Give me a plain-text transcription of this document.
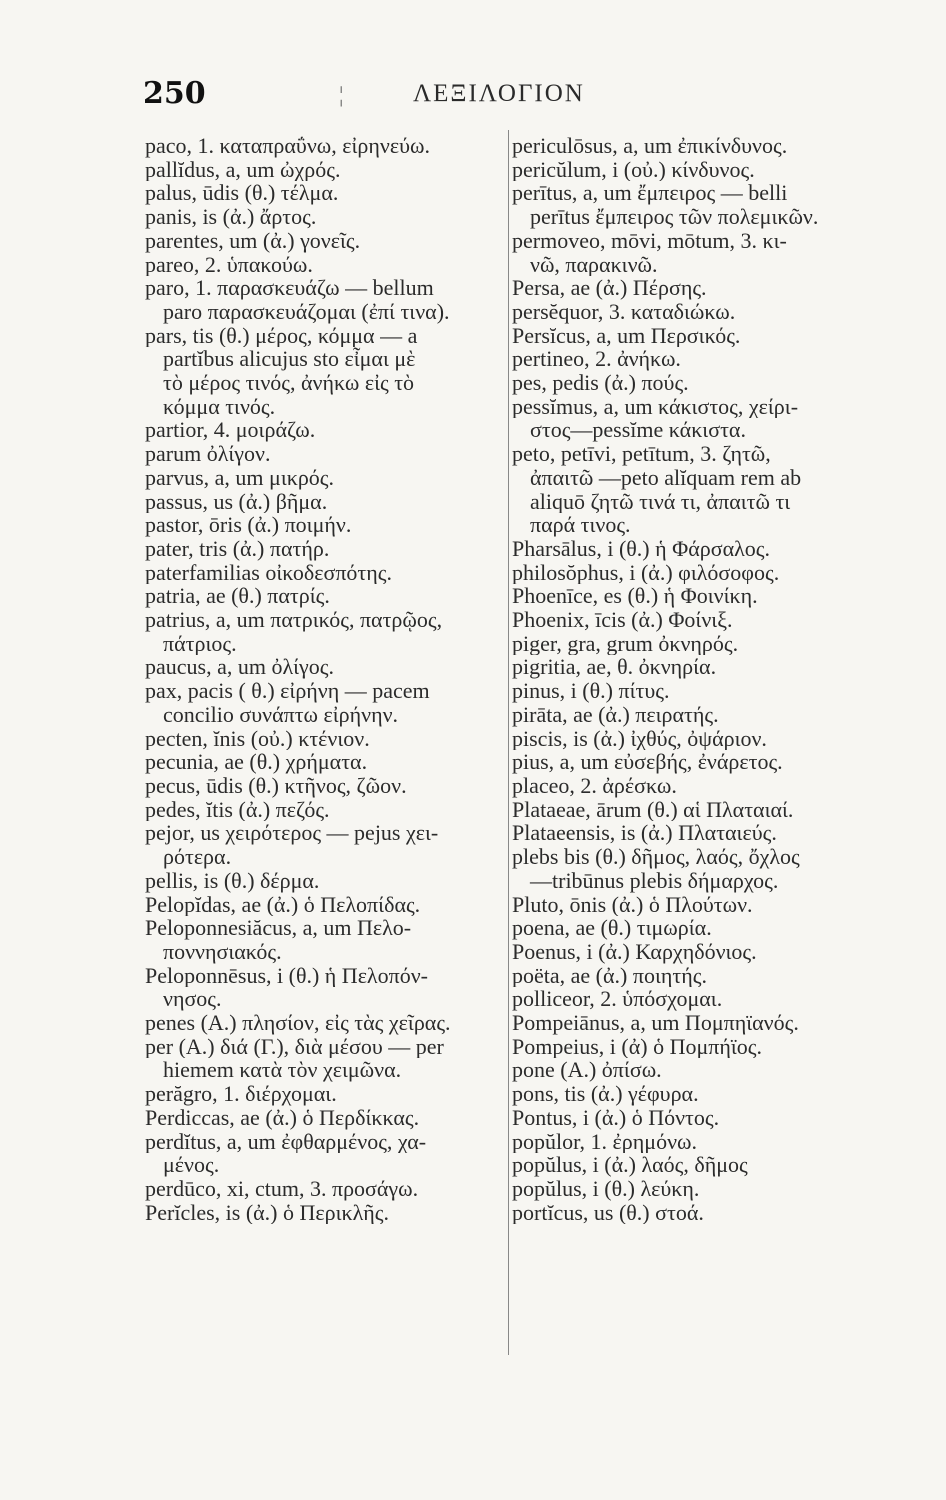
250	¦	ΛΕΞΙΛΟΓΙΟΝ
paco, 1. καταπραΰνω, εἰρηνεύω.
pallĭdus, a, um ὠχρός.
palus, ūdis (θ.) τέλμα.
panis, is (ἀ.) ἄρτος.
parentes, um (ἀ.) γονεῖς.
pareo, 2. ὑπακούω.
paro, 1. παρασκευάζω — bellum
paro παρασκευάζομαι (ἐπί τινα).
pars, tis (θ.) μέρος, κόμμα — a
partĭbus alicujus sto εἶμαι μὲ
τὸ μέρος τινός, ἀνήκω εἰς τὸ
κόμμα τινός.
partior, 4. μοιράζω.
parum ὀλίγον.
parvus, a, um μικρός.
passus, us (ἀ.) βῆμα.
pastor, ōris (ἀ.) ποιμήν.
pater, tris (ἀ.) πατήρ.
paterfamilias οἰκοδεσπότης.
patria, ae (θ.) πατρίς.
patrius, a, um πατρικός, πατρῷος,
πάτριος.
paucus, a, um ὀλίγος.
pax, pacis ( θ.) εἰρήνη — pacem
concilio συνάπτω εἰρήνην.
pecten, ĭnis (οὐ.) κτένιον.
pecunia, ae (θ.) χρήματα.
pecus, ūdis (θ.) κτῆνος, ζῶον.
pedes, ĭtis (ἀ.) πεζός.
pejor, us χειρότερος — pejus χει-
ρότερα.
pellis, is (θ.) δέρμα.
Pelopĭdas, ae (ἀ.) ὁ Πελοπίδας.
Peloponnesiăcus, a, um Πελο-
ποννησιακός.
Peloponnēsus, i (θ.) ἡ Πελοπόν-
νησος.
penes (A.) πλησίον, εἰς τὰς χεῖρας.
per (A.) διά (Γ.), διὰ μέσου — per
hiemem κατὰ τὸν χειμῶνα.
perăgro, 1. διέρχομαι.
Perdiccas, ae (ἀ.) ὁ Περδίκκας.
perdĭtus, a, um ἐφθαρμένος, χα-
μένος.
perdūco, xi, ctum, 3. προσάγω.
Perĭcles, is (ἀ.) ὁ Περικλῆς.
periculōsus, a, um ἐπικίνδυνος.
pericŭlum, i (οὐ.) κίνδυνος.
perītus, a, um ἔμπειρος — belli
perītus ἔμπειρος τῶν πολεμικῶν.
permoveo, mōvi, mōtum, 3. κι-
νῶ, παρακινῶ.
Persa, ae (ἀ.) Πέρσης.
persĕquor, 3. καταδιώκω.
Persĭcus, a, um Περσικός.
pertineo, 2. ἀνήκω.
pes, pedis (ἀ.) πούς.
pessĭmus, a, um κάκιστος, χείρι-
στος—pessĭme κάκιστα.
peto, petīvi, petītum, 3. ζητῶ,
ἀπαιτῶ —peto alĭquam rem ab
aliquō ζητῶ τινά τι, ἀπαιτῶ τι
παρά τινος.
Pharsālus, i (θ.) ἡ Φάρσαλος.
philosŏphus, i (ἀ.) φιλόσοφος.
Phoenīce, es (θ.) ἡ Φοινίκη.
Phoenix, īcis (ἀ.) Φοίνιξ.
piger, gra, grum ὀκνηρός.
pigritia, ae, θ. ὀκνηρία.
pinus, i (θ.) πίτυς.
pirāta, ae (ἀ.) πειρατής.
piscis, is (ἀ.) ἰχθύς, ὀψάριον.
pius, a, um εὐσεβής, ἐνάρετος.
placeo, 2. ἀρέσκω.
Plataeae, ārum (θ.) αἱ Πλαταιαί.
Plataeensis, is (ἀ.) Πλαταιεύς.
plebs bis (θ.) δῆμος, λαός, ὄχλος
—tribūnus plebis δήμαρχος.
Pluto, ōnis (ἀ.) ὁ Πλούτων.
poena, ae (θ.) τιμωρία.
Poenus, i (ἀ.) Καρχηδόνιος.
poëta, ae (ἀ.) ποιητής.
polliceor, 2. ὑπόσχομαι.
Pompeiānus, a, um Πομπηϊανός.
Pompeius, i (ἀ) ὁ Πομπήϊος.
pone (A.) ὀπίσω.
pons, tis (ἀ.) γέφυρα.
Pontus, i (ἀ.) ὁ Πόντος.
popŭlor, 1. ἐρημόνω.
popŭlus, i (ἀ.) λαός, δῆμος
popŭlus, i (θ.) λεύκη.
portĭcus, us (θ.) στοά.
